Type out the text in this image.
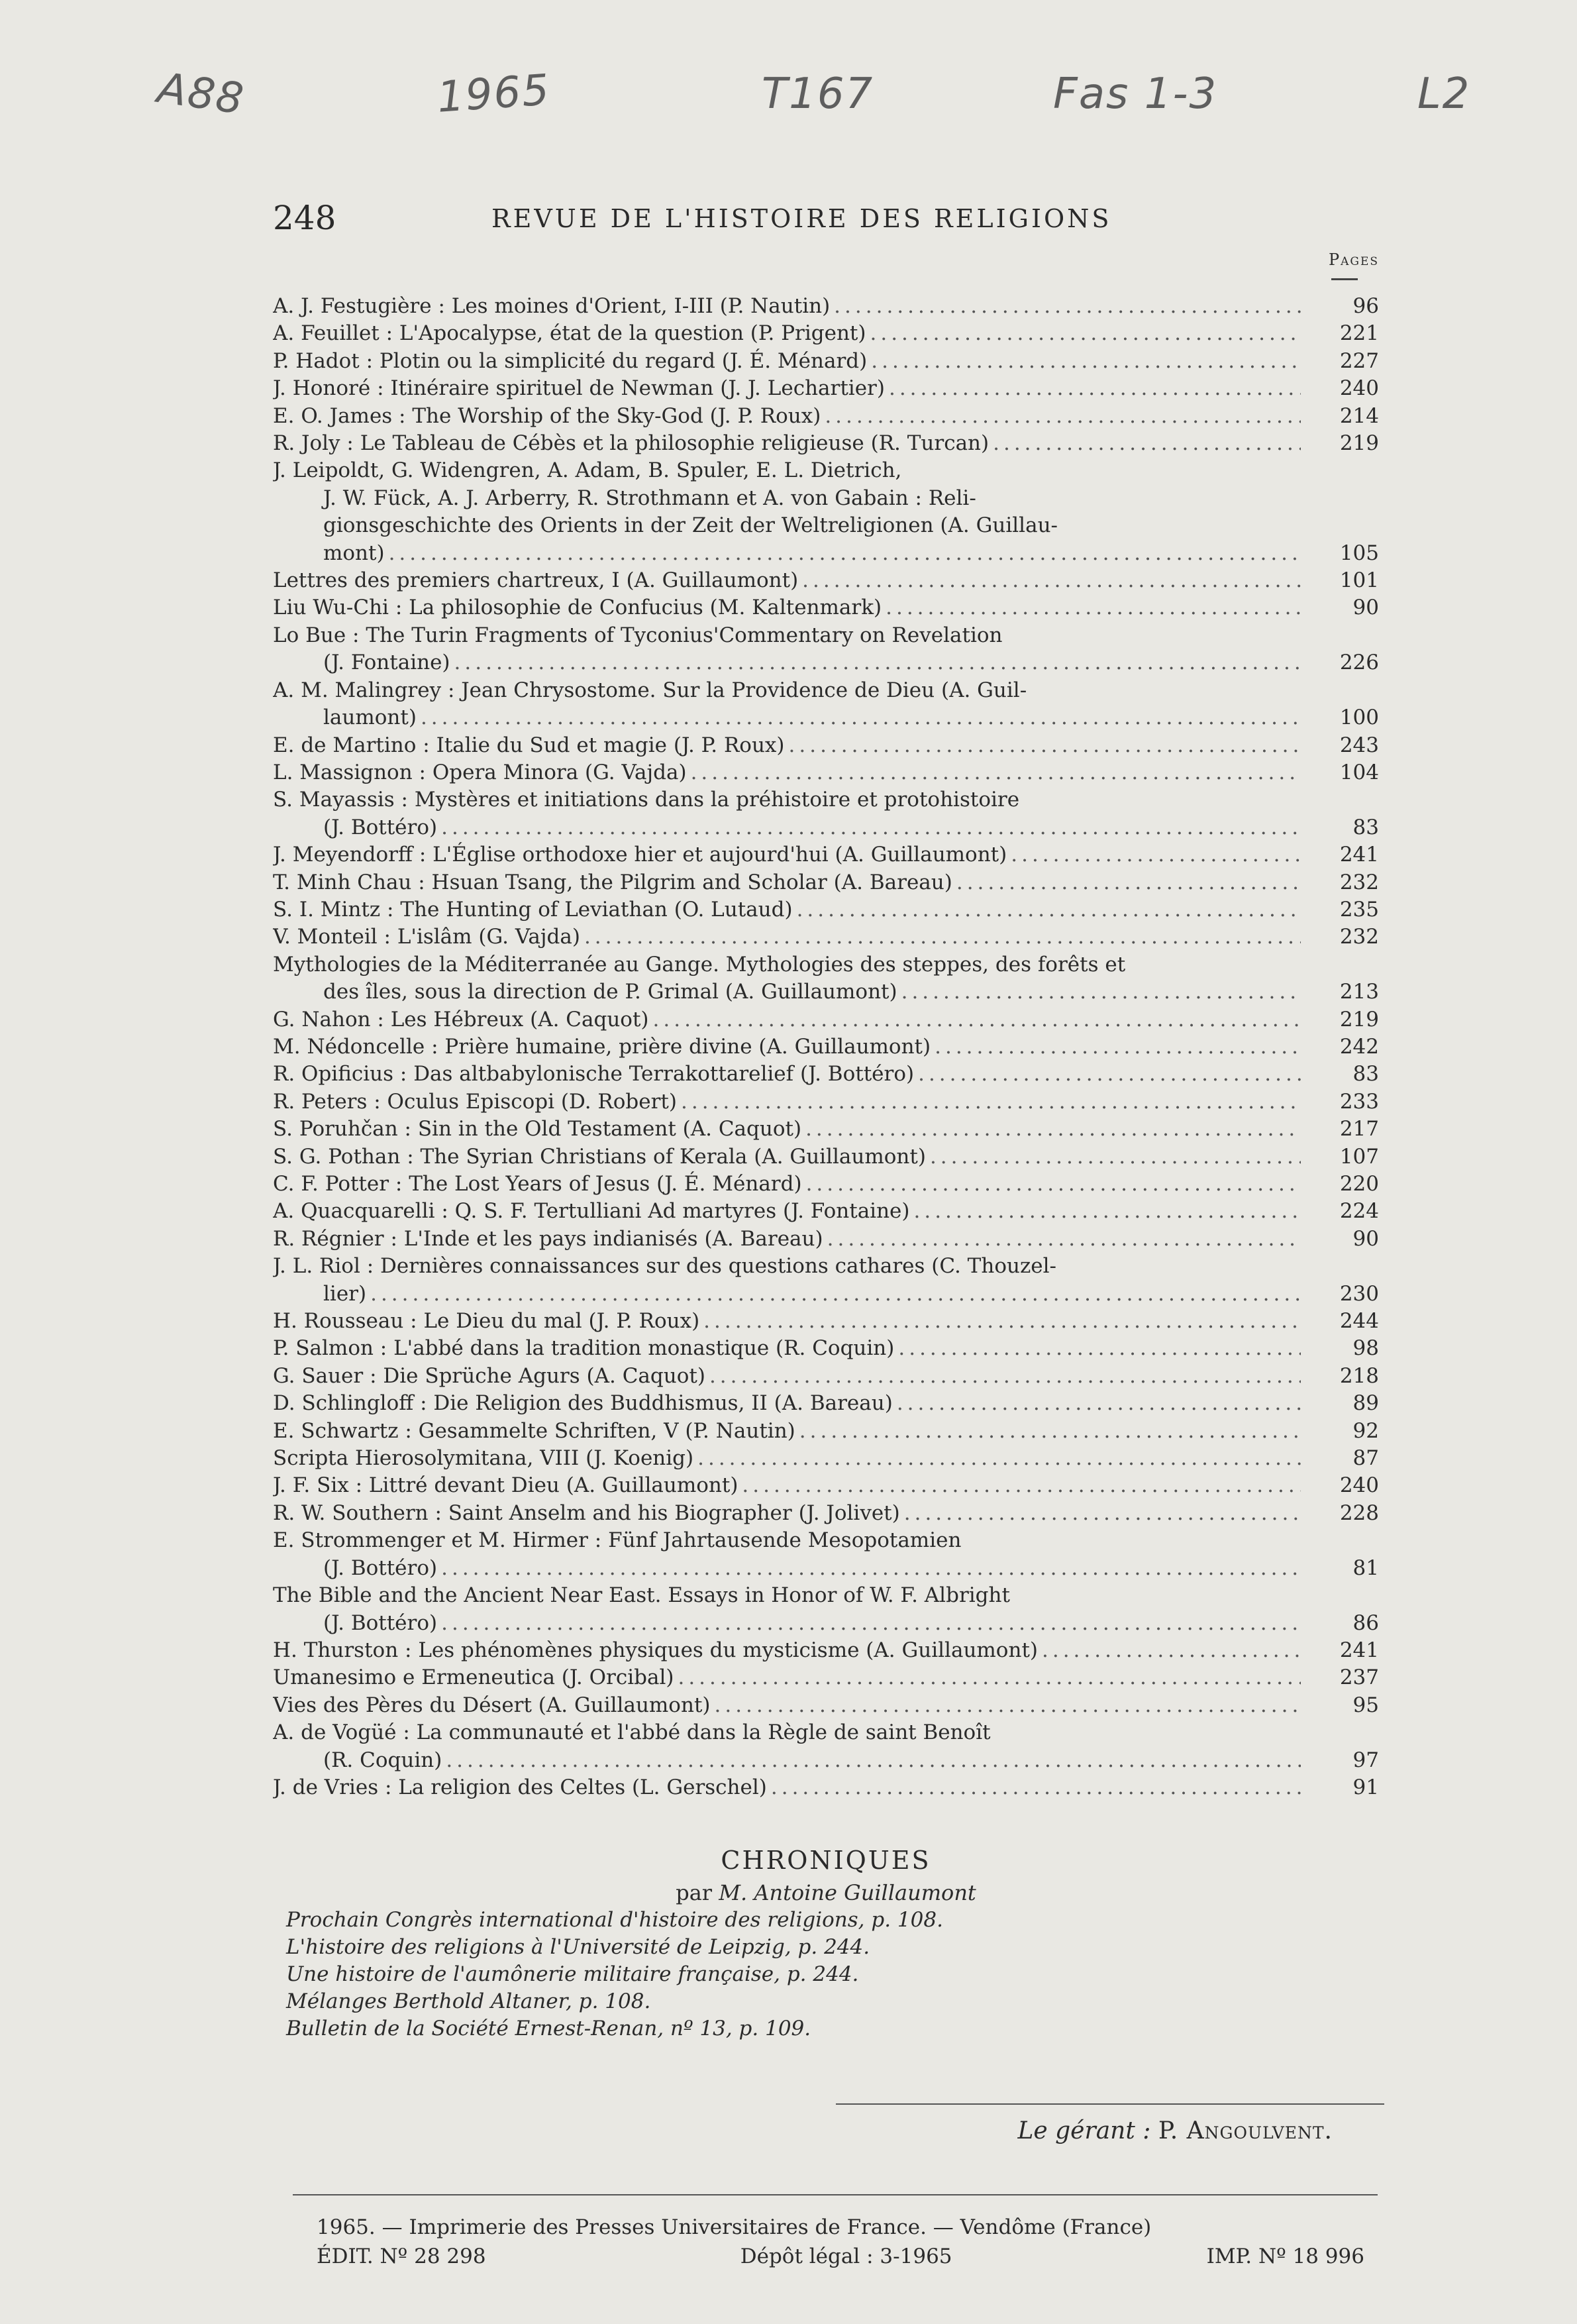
A88	1965	T167	Fas 1-3	L2
248	REVUE DE L'HISTOIRE DES RELIGIONS
Pages
A. J. Festugière : Les moines d'Orient, I-III (P. Nautin) .....	96
A. Feuillet : L'Apocalypse, état de la question (P. Prigent) .....	221
P. Hadot : Plotin ou la simplicité du regard (J. É. Ménard) .....	227
J. Honoré : Itinéraire spirituel de Newman (J. J. Lechartier) .....	240
E. O. James : The Worship of the Sky-God (J. P. Roux) .....	214
R. Joly : Le Tableau de Cébès et la philosophie religieuse (R. Turcan) .....	219
J. Leipoldt, G. Widengren, A. Adam, B. Spuler, E. L. Dietrich,
J. W. Fück, A. J. Arberry, R. Strothmann et A. von Gabain : Reli-
gionsgeschichte des Orients in der Zeit der Weltreligionen (A. Guillau-
mont) .....	105
Lettres des premiers chartreux, I (A. Guillaumont) .....	101
Liu Wu-Chi : La philosophie de Confucius (M. Kaltenmark) .....	90
Lo Bue : The Turin Fragments of Tyconius'Commentary on Revelation
(J. Fontaine) .....	226
A. M. Malingrey : Jean Chrysostome. Sur la Providence de Dieu (A. Guil-
laumont) .....	100
E. de Martino : Italie du Sud et magie (J. P. Roux) .....	243
L. Massignon : Opera Minora (G. Vajda) .....	104
S. Mayassis : Mystères et initiations dans la préhistoire et protohistoire
(J. Bottéro) .....	83
J. Meyendorff : L'Église orthodoxe hier et aujourd'hui (A. Guillaumont) .....	241
T. Minh Chau : Hsuan Tsang, the Pilgrim and Scholar (A. Bareau) .....	232
S. I. Mintz : The Hunting of Leviathan (O. Lutaud) .....	235
V. Monteil : L'islâm (G. Vajda) .....	232
Mythologies de la Méditerranée au Gange. Mythologies des steppes, des forêts et
des îles, sous la direction de P. Grimal (A. Guillaumont) .....	213
G. Nahon : Les Hébreux (A. Caquot) .....	219
M. Nédoncelle : Prière humaine, prière divine (A. Guillaumont) .....	242
R. Opificius : Das altbabylonische Terrakottarelief (J. Bottéro) .....	83
R. Peters : Oculus Episcopi (D. Robert) .....	233
S. Poruhčan : Sin in the Old Testament (A. Caquot) .....	217
S. G. Pothan : The Syrian Christians of Kerala (A. Guillaumont) .....	107
C. F. Potter : The Lost Years of Jesus (J. É. Ménard) .....	220
A. Quacquarelli : Q. S. F. Tertulliani Ad martyres (J. Fontaine) .....	224
R. Régnier : L'Inde et les pays indianisés (A. Bareau) .....	90
J. L. Riol : Dernières connaissances sur des questions cathares (C. Thouzel-
lier) .....	230
H. Rousseau : Le Dieu du mal (J. P. Roux) .....	244
P. Salmon : L'abbé dans la tradition monastique (R. Coquin) .....	98
G. Sauer : Die Sprüche Agurs (A. Caquot) .....	218
D. Schlingloff : Die Religion des Buddhismus, II (A. Bareau) .....	89
E. Schwartz : Gesammelte Schriften, V (P. Nautin) .....	92
Scripta Hierosolymitana, VIII (J. Koenig) .....	87
J. F. Six : Littré devant Dieu (A. Guillaumont) .....	240
R. W. Southern : Saint Anselm and his Biographer (J. Jolivet) .....	228
E. Strommenger et M. Hirmer : Fünf Jahrtausende Mesopotamien
(J. Bottéro) .....	81
The Bible and the Ancient Near East. Essays in Honor of W. F. Albright
(J. Bottéro) .....	86
H. Thurston : Les phénomènes physiques du mysticisme (A. Guillaumont) .....	241
Umanesimo e Ermeneutica (J. Orcibal) .....	237
Vies des Pères du Désert (A. Guillaumont) .....	95
A. de Vogüé : La communauté et l'abbé dans la Règle de saint Benoît
(R. Coquin) .....	97
J. de Vries : La religion des Celtes (L. Gerschel) .....	91
CHRONIQUES
par M. Antoine Guillaumont
Prochain Congrès international d'histoire des religions, p. 108.
L'histoire des religions à l'Université de Leipzig, p. 244.
Une histoire de l'aumônerie militaire française, p. 244.
Mélanges Berthold Altaner, p. 108.
Bulletin de la Société Ernest-Renan, nº 13, p. 109.
Le gérant : P. Angoulvent.
1965. — Imprimerie des Presses Universitaires de France. — Vendôme (France)
ÉDIT. Nº 28 298	Dépôt légal : 3-1965	IMP. Nº 18 996
